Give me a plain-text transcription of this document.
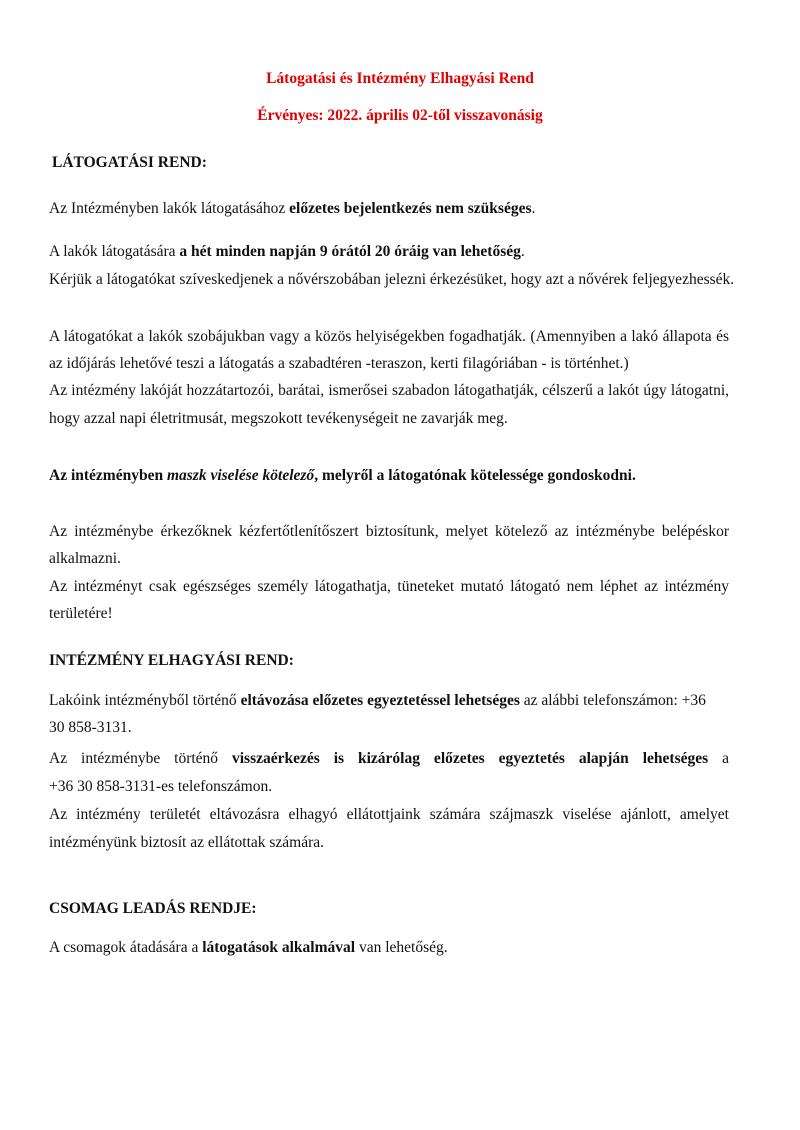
Látogatási és Intézmény Elhagyási Rend
Érvényes: 2022. április 02-től visszavonásig
LÁTOGATÁSI REND:
Az Intézményben lakók látogatásához előzetes bejelentkezés nem szükséges.
A lakók látogatására a hét minden napján 9 órától 20 óráig van lehetőség.
Kérjük a látogatókat szíveskedjenek a nővérszobában jelezni érkezésüket, hogy azt a nővérek feljegyezhessék.
A látogatókat a lakók szobájukban vagy a közös helyiségekben fogadhatják. (Amennyiben a lakó állapota és
az időjárás lehetővé teszi a látogatás a szabadtéren -teraszon, kerti filagóriában - is történhet.)
Az intézmény lakóját hozzátartozói, barátai, ismerősei szabadon látogathatják, célszerű a lakót úgy látogatni,
hogy azzal napi életritmusát, megszokott tevékenységeit ne zavarják meg.
Az intézményben maszk viselése kötelező, melyről a látogatónak kötelessége gondoskodni.
Az intézménybe érkezőknek kézfertőtlenítőszert biztosítunk, melyet kötelező az intézménybe belépéskor
alkalmazni.
Az intézményt csak egészséges személy látogathatja, tüneteket mutató látogató nem léphet az intézmény
területére!
INTÉZMÉNY ELHAGYÁSI REND:
Lakóink intézményből történő eltávozása előzetes egyeztetéssel lehetséges az alábbi telefonszámon: +36
30 858-3131.
Az intézménybe történő visszaérkezés is kizárólag előzetes egyeztetés alapján lehetséges a
+36 30 858-3131-es telefonszámon.
Az intézmény területét eltávozásra elhagyó ellátottjaink számára szájmaszk viselése ajánlott, amelyet
intézményünk biztosít az ellátottak számára.
CSOMAG LEADÁS RENDJE:
A csomagok átadására a látogatások alkalmával van lehetőség.
